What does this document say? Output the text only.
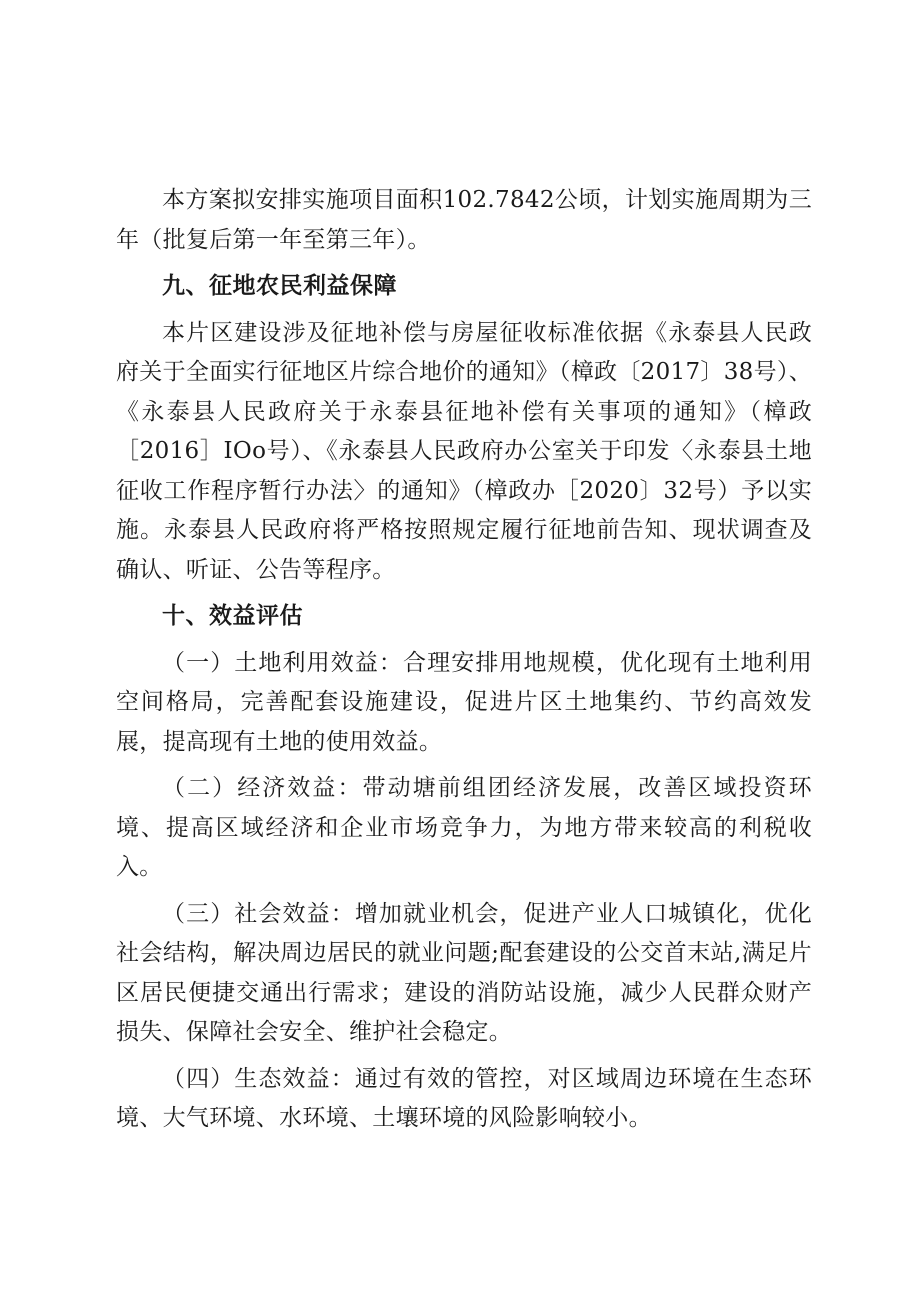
本方案拟安排实施项目面积102.7842公顷，计划实施周期为三年（批复后第一年至第三年）。

九、征地农民利益保障

本片区建设涉及征地补偿与房屋征收标准依据《永泰县人民政府关于全面实行征地区片综合地价的通知》（樟政〔2017〕38号）、《永泰县人民政府关于永泰县征地补偿有关事项的通知》（樟政［2016］IOo号）、《永泰县人民政府办公室关于印发〈永泰县土地征收工作程序暂行办法〉的通知》（樟政办［2020〕32号）予以实施。永泰县人民政府将严格按照规定履行征地前告知、现状调查及确认、听证、公告等程序。

十、效益评估

（一）土地利用效益：合理安排用地规模，优化现有土地利用空间格局，完善配套设施建设，促进片区土地集约、节约高效发展，提高现有土地的使用效益。

（二）经济效益：带动塘前组团经济发展，改善区域投资环境、提高区域经济和企业市场竞争力，为地方带来较高的利税收入。

（三）社会效益：增加就业机会，促进产业人口城镇化，优化社会结构，解决周边居民的就业问题;配套建设的公交首末站,满足片区居民便捷交通出行需求；建设的消防站设施，减少人民群众财产损失、保障社会安全、维护社会稳定。

（四）生态效益：通过有效的管控，对区域周边环境在生态环境、大气环境、水环境、土壤环境的风险影响较小。
